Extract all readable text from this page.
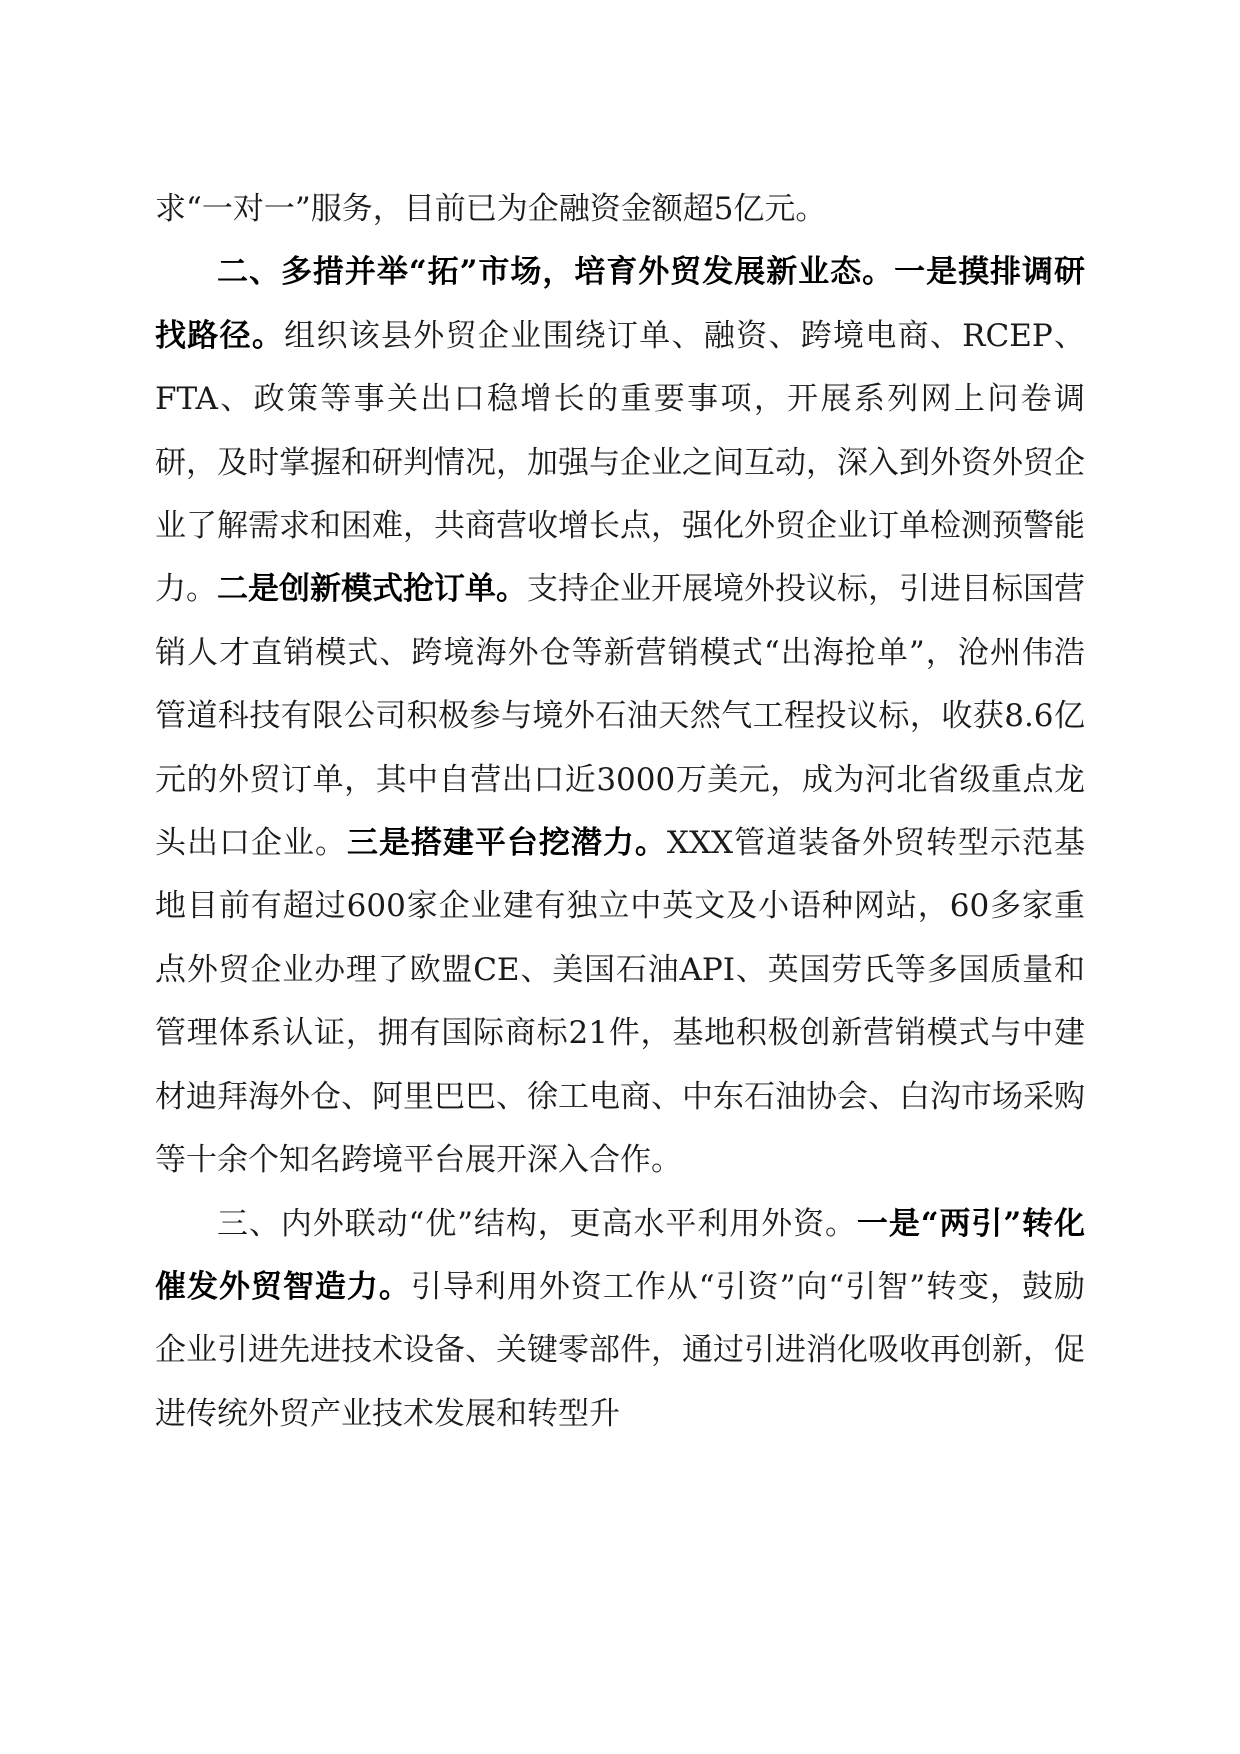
求“一对一”服务，目前已为企融资金额超5亿元。

二、多措并举“拓”市场，培育外贸发展新业态。一是摸排调研找路径。组织该县外贸企业围绕订单、融资、跨境电商、RCEP、FTA、政策等事关出口稳增长的重要事项，开展系列网上问卷调研，及时掌握和研判情况，加强与企业之间互动，深入到外资外贸企业了解需求和困难，共商营收增长点，强化外贸企业订单检测预警能力。二是创新模式抢订单。支持企业开展境外投议标，引进目标国营销人才直销模式、跨境海外仓等新营销模式“出海抢单”，沧州伟浩管道科技有限公司积极参与境外石油天然气工程投议标，收获8.6亿元的外贸订单，其中自营出口近3000万美元，成为河北省级重点龙头出口企业。三是搭建平台挖潜力。XXX管道装备外贸转型示范基地目前有超过600家企业建有独立中英文及小语种网站，60多家重点外贸企业办理了欧盟CE、美国石油API、英国劳氏等多国质量和管理体系认证，拥有国际商标21件，基地积极创新营销模式与中建材迪拜海外仓、阿里巴巴、徐工电商、中东石油协会、白沟市场采购等十余个知名跨境平台展开深入合作。

三、内外联动“优”结构，更高水平利用外资。一是“两引”转化催发外贸智造力。引导利用外资工作从“引资”向“引智”转变，鼓励企业引进先进技术设备、关键零部件，通过引进消化吸收再创新，促进传统外贸产业技术发展和转型升
